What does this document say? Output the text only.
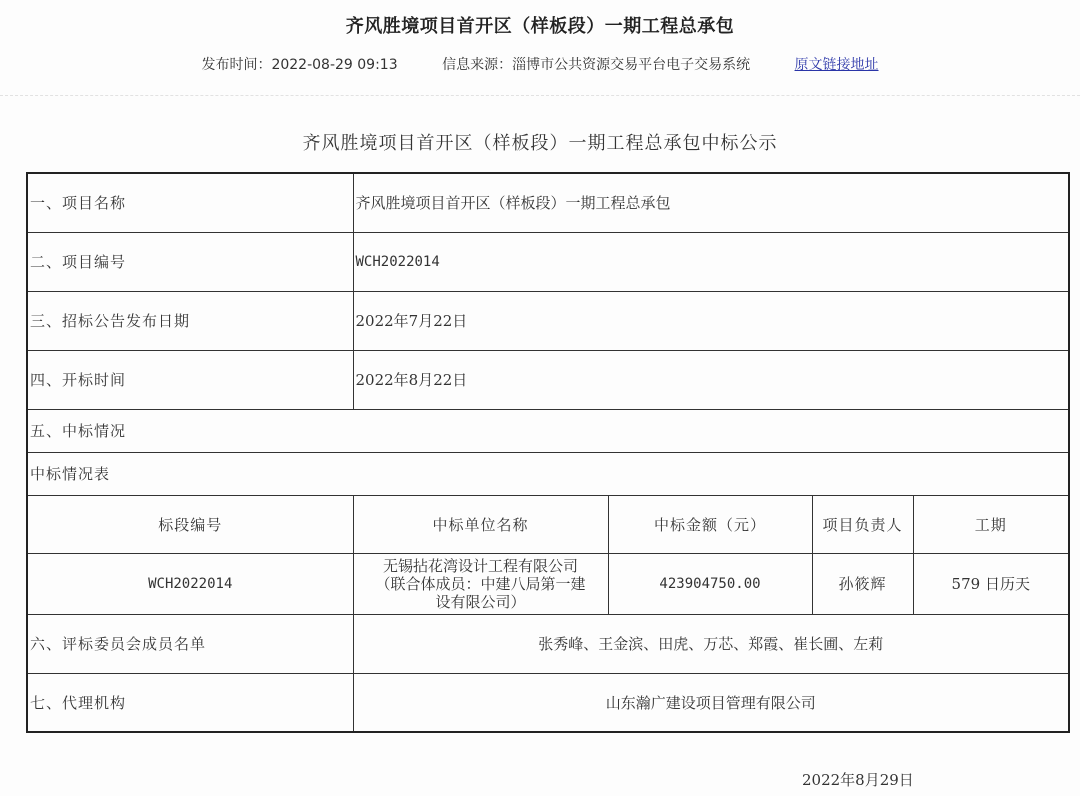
齐风胜境项目首开区（样板段）一期工程总承包
发布时间：2022-08-29 09:13	信息来源：淄博市公共资源交易平台电子交易系统	原文链接地址
齐风胜境项目首开区（样板段）一期工程总承包中标公示
一、项目名称	齐风胜境项目首开区（样板段）一期工程总承包			
二、项目编号	WCH2022014			
三、招标公告发布日期	2022年7月22日			
四、开标时间	2022年8月22日			
五、中标情况				
中标情况表				
标段编号	中标单位名称	中标金额（元）	项目负责人	工期
WCH2022014	无锡拈花湾设计工程有限公司
（联合体成员：中建八局第一建
设有限公司）	423904750.00	孙筱辉	579 日历天
六、评标委员会成员名单	张秀峰、王金滨、田虎、万芯、郑霞、崔长圃、左莉			
七、代理机构	山东瀚广建设项目管理有限公司			
2022年8月29日
